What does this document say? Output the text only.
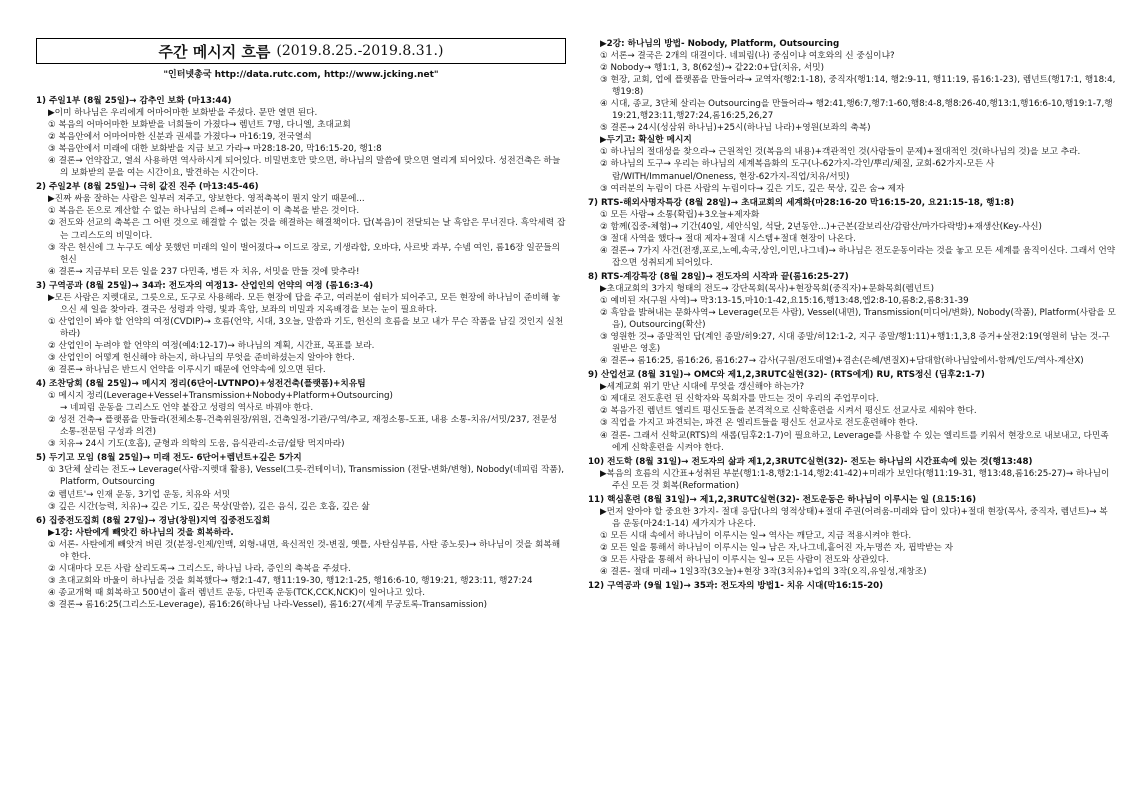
주간 메시지 흐름 (2019.8.25.-2019.8.31.)
"인터넷총국 http://data.rutc.com, http://www.jcking.net"
1) 주일1부 (8월 25일)→ 감추인 보화 (마13:44)
▶이미 하나님은 우리에게 어마어마한 보화받을 주셨다. 문만 열면 된다.
① 복음의 어마어마한 보화받을 너희들이 가졌다→ 렘넌트 7명, 다니엘, 초대교회
② 복음안에서 어마어마한 신분과 권세를 가졌다→ 마16:19, 전국열쇠
③ 복음안에서 미래에 대한 보화받을 지금 보고 가라→ 마28:18-20, 막16:15-20, 행1:8
④ 결론→ 언약잡고, 열쇠 사용하면 역사하시게 되어있다. 비밀번호만 맞으면, 하나님의 말씀에 맞으면 열리게 되어있다. 성전건축은 하늘의 보화받의 문을 여는 시간이요, 발견하는 시간이다.
2) 주일2부 (8월 25일)→ 극히 값진 진주 (마13:45-46)
▶진짜 싸움 잘하는 사람은 일부러 져주고, 양보한다. 영적축복이 뭔지 알기 때문에...
① 복음은 돈으로 계산할 수 없는 하나님의 은혜→ 여러분이 이 축복을 받은 것이다.
② 전도와 선교의 축복은 그 어떤 것으로 해결할 수 없는 것을 해결하는 해결책이다. 답(복음)이 전달되는 날 흑암은 무너진다. 흑악세력 잡는 그리스도의 비밀이다.
③ 작은 헌신에 그 누구도 예상 못했던 미래의 일이 벌어졌다→ 이드로 장로, 기생라합, 오바댜, 사르밧 과부, 수넴 여인, 롬16장 일꾼들의 헌신
④ 결론→ 지금부터 모든 일을 237 다민족, 병든 자 치유, 서밋을 만들 것에 맞추라!
3) 구역공과 (8월 25일)→ 34과: 전도자의 여정13- 산업인의 언약의 여정 (롬16:3-4)
▶모든 사람은 지렛대로, 그릇으로, 도구로 사용해라. 모든 현장에 답을 주고, 여러분이 쉼터가 되어주고, 모든 현장에 하나님이 준비해 놓으신 세 일을 찾아라. 결국은 성령과 악령, 빛과 흑암, 보좌의 비밀과 지옥배경을 보는 눈이 필요하다.
① 산업인이 봐야 할 언약의 여정(CVDIP)→ 흐름(언약, 시대, 3오늘, 말씀과 기도, 헌신의 흐름을 보고 내가 무슨 작품을 남길 것인지 실천하라)
② 산업인이 누려야 할 언약의 여정(예4:12-17)→ 하나님의 계획, 시간표, 목표를 보라.
③ 산업인이 어떻게 헌신해야 하는지, 하나님의 무엇을 준비하셨는지 알아야 한다.
④ 결론→ 하나님은 반드시 언약을 이루시기 때문에 언약속에 있으면 된다.
4) 조찬당회 (8월 25일)→ 메시지 정리(6단어-LVTNPO)+성전건축(플랫폼)+치유팀
① 메시지 정리(Leverage+Vessel+Transmission+Nobody+Platform+Outsourcing)
→ 네피림 운동을 그리스도 언약 붙잡고 성령의 역사로 바꿔야 한다.
② 성전 건축→ 플랫폼을 만들라(전체소통-건축위원장/위원, 건축일정-기관/구역/추교, 재정소통-도표, 내용 소통-치유/서밋/237, 전문성 소통-전문팀 구성과 의견)
③ 치유→ 24시 기도(호흡), 균형과 의학의 도움, 음식관리-소금/쉴탕 먹지마라)
5) 두기고 모임 (8월 25일)→ 미래 전도- 6단어+렘넌트+깊은 5가지
① 3단체 살리는 전도→ Leverage(사람-지렛대 활용), Vessel(그릇-컨테이너), Transmission (전달-변화/변형), Nobody(네피림 작품), Platform, Outsourcing
② 렘넌트'→ 인재 운동, 3기업 운동, 치유와 서밋
③ 깊은 시간(능력, 치유)→ 깊은 기도, 깊은 묵상(말씀), 깊은 음식, 깊은 호흡, 깊은 삶
6) 집중전도집회 (8월 27일)→ 경남(창원)지역 집중전도집회
▶1강: 사탄에게 빼앗긴 하나님의 것을 회복하라.
① 서론- 사탄에게 빼앗겨 버린 것(분정-인제/인맥, 외형-내면, 육신적인 것-변질, 옛틀, 사탄심부름, 사탄 종노릇)→ 하나님이 것을 회복해야 한다.
② 시대마다 모든 사람 살리도록→ 그리스도, 하나님 나라, 증인의 축복을 주셨다.
③ 초대교회와 바울이 하나님을 것을 회복했다→ 행2:1-47, 행11:19-30, 행12:1-25, 행16:6-10, 행19:21, 행23:11, 행27:24
④ 종교개혁 때 회복하고 500년이 흘러 렘넌트 운동, 다민족 운동(TCK,CCK,NCK)이 일어나고 있다.
⑤ 결론→ 롬16:25(그리스도-Leverage), 롬16:26(하나님 나라-Vessel), 롬16:27(세계 무궁토록-Transamission)
▶2강: 하나님의 방법- Nobody, Platform, Outsourcing
① 서론→ 결국은 2개의 대결이다. 네피림(나) 중심이냐 여호와의 신 중심이냐?
② Nobody→ 행1:1, 3, 8(62설)→ 같22:0+답(치유, 서밋)
③ 현장, 교회, 업에 플랫폼을 만들어라→ 교역자(행2:1-18), 중직자(행1:14, 행2:9-11, 행11:19, 롬16:1-23), 렘넌트(행17:1, 행18:4, 행19:8)
④ 시대, 종교, 3단체 살리는 Outsourcing을 만들어라→ 행2:41,행6:7,행7:1-60,행8:4-8,행8:26-40,행13:1,행16:6-10,행19:1-7,행19:21,행23:11,행27:24,롬16:25,26,27
⑤ 결론→ 24시(성삼위 하나님)+25시(하나님 나라)+영원(보좌의 축복)
▶두기고: 확실한 메시지
① 하나님의 절대성을 찾으라→ 근원적인 것(복음의 내용)+객관적인 것(사람들이 문제)+절대적인 것(하나님의 것)을 보고 추라.
② 하나님의 도구→ 우리는 하나님의 세계복음화의 도구(나-62가지-각인/뿌리/체질, 교회-62가지-모든 사람/WITH/Immanuel/Oneness, 현장-62가지-직업/치유/서밋)
③ 여러분의 누림이 다른 사람의 누림이다→ 깊은 기도, 깊은 묵상, 깊은 숨→ 제자
7) RTS-해외사명자특강 (8월 28일)→ 초대교회의 세계화(마28:16-20 막16:15-20, 요21:15-18, 행1:8)
① 모든 사람→ 소통(확립)+3오늘+제자화
② 함께(집중-체험)→ 기간(40일, 세안식일, 석달, 2년동안...)+근본(갈보리산/감람산/마가다락방)+재생산(Key-사신)
③ 절대 사역을 했다→ 절대 제자+절대 시스템+절대 현장이 나온다.
④ 결론→ 7가지 사건(전쟁,포로,노예,속국,상인,이민,나그네)→ 하나님은 전도운동이라는 것을 놓고 모든 세계를 움직이신다. 그래서 언약 잡으면 성취되게 되어있다.
8) RTS-계강특강 (8월 28일)→ 전도자의 시작과 끝(롬16:25-27)
▶초대교회의 3가지 형태의 전도→ 강단목회(목사)+현장목회(중직자)+문화목회(렘넌트)
① 예비된 자(구원 사역)→ 막3:13-15,마10:1-42,요15:16,행13:48,엡2:8-10,롬8:2,롬8:31-39
② 흑암을 밝혀내는 문화사역→ Leverage(모든 사람), Vessel(내면), Transmission(미디어/변화), Nobody(작품), Platform(사람을 모음), Outsourcing(확산)
③ 영원한 것→ 종말적인 답(계인 종말/히9:27, 시대 종말/히12:1-2, 지구 종말/행1:11)+행1:1,3,8 증거+살전2:19(영원히 남는 것-구원받은 영혼)
④ 결론→ 롬16:25, 롬16:26, 롬16:27→ 감사(구원/전도대열)+겸손(은혜/변질X)+담대함(하나님앞에서-함께/인도/역사-계산X)
9) 산업선교 (8월 31일)→ OMC와 제1,2,3RUTC실현(32)- (RTS에게) RU, RTS정신 (딤후2:1-7)
▶세계교회 위기 만난 시대에 무엇을 갱신해야 하는가?
① 제대로 전도훈련 된 신학자와 목회자를 만드는 것이 우리의 주업무이다.
② 복음가진 렘넌트 엘리트 평신도들을 본격적으로 신학훈련을 시켜서 평신도 선교사로 세워야 한다.
③ 직업을 가지고 파견되는, 파견 온 엘리트들을 평신도 선교사로 전도훈련해야 한다.
④ 결론- 그래서 신학교(RTS)의 새롭(딤후2:1-7)이 필요하고, Leverage를 사용할 수 있는 엘리트를 키워서 현장으로 내보내고, 다민족에게 신학훈련을 시켜야 한다.
10) 전도학 (8월 31일)→ 전도자의 삶과 제1,2,3RUTC실현(32)- 전도는 하나님의 시간표속에 있는 것(행13:48)
▶복음의 흐름의 시간표+성취된 부분(행1:1-8,행2:1-14,행2:41-42)+미래가 보인다(행11:19-31, 행13:48,롬16:25-27)→ 하나님이 주신 모든 것 회복(Reformation)
11) 핵심훈련 (8월 31일)→ 제1,2,3RUTC실현(32)- 전도운동은 하나님이 이루시는 일 (요15:16)
▶먼저 알아야 할 중요한 3가지- 절대 응답(나의 영적상태)+절대 주권(어려움-미래와 답이 있다)+절대 현장(목사, 중직자, 렘넌트)→ 복음 운동(마24:1-14) 세가지가 나온다.
① 모든 시대 속에서 하나님이 이루시는 일→ 역사는 깨닫고, 지금 적용시켜야 한다.
② 모든 일을 통해서 하나님이 이루시는 일→ 남은 자,나그네,흩어진 자,누명쓴 자, 핍박받는 자
③ 모든 사람을 통해서 하나님이 이루시는 일→ 모든 사람이 전도와 상관있다.
④ 결론- 절대 미래→ 1일3작(3오늘)+현장 3작(3치유)+업의 3작(오직,유일성,재창조)
12) 구역공과 (9월 1일)→ 35과: 전도자의 방법1- 치유 시대(막16:15-20)
